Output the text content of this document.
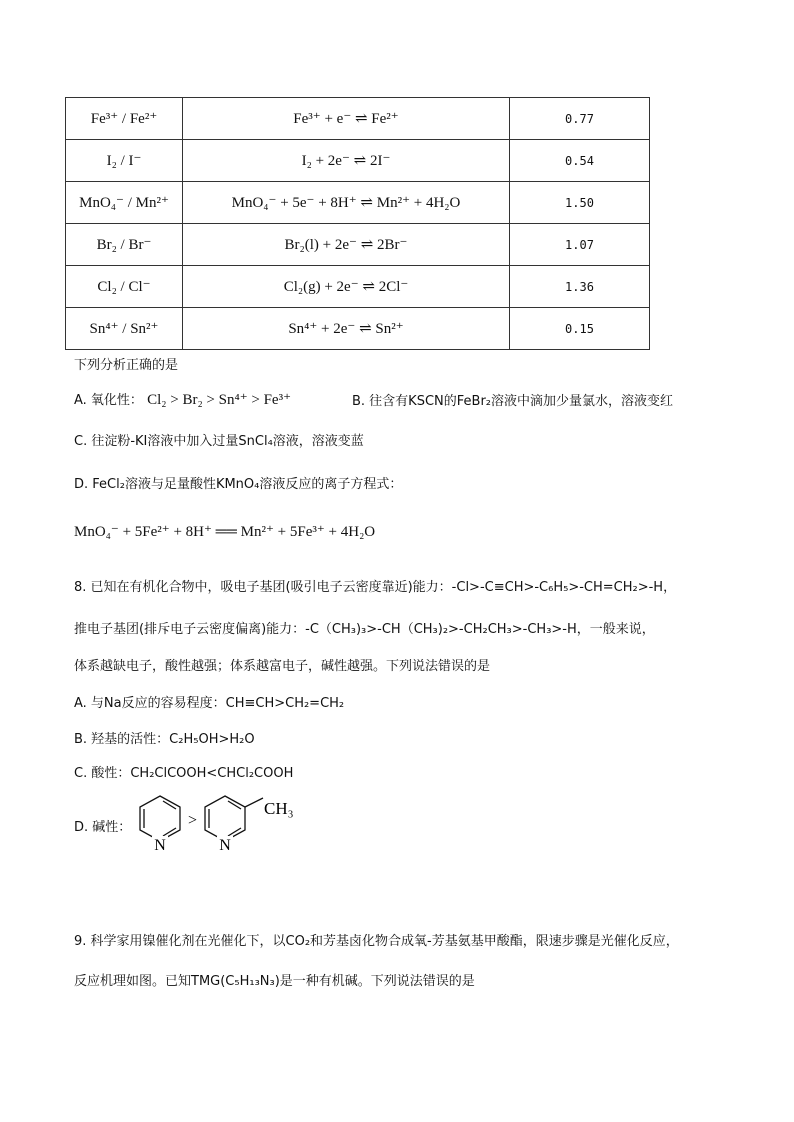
Fe³⁺ / Fe²⁺	Fe³⁺ + e⁻ ⇌ Fe²⁺	0.77
I₂ / I⁻	I₂ + 2e⁻ ⇌ 2I⁻	0.54
MnO₄⁻ / Mn²⁺	MnO₄⁻ + 5e⁻ + 8H⁺ ⇌ Mn²⁺ + 4H₂O	1.50
Br₂ / Br⁻	Br₂(l) + 2e⁻ ⇌ 2Br⁻	1.07
Cl₂ / Cl⁻	Cl₂(g) + 2e⁻ ⇌ 2Cl⁻	1.36
Sn⁴⁺ / Sn²⁺	Sn⁴⁺ + 2e⁻ ⇌ Sn²⁺	0.15
下列分析正确的是
A. 氧化性： Cl₂ > Br₂ > Sn⁴⁺ > Fe³⁺	B. 往含有KSCN的FeBr₂溶液中滴加少量氯水，溶液变红
C. 往淀粉-KI溶液中加入过量SnCl₄溶液，溶液变蓝
D. FeCl₂溶液与足量酸性KMnO₄溶液反应的离子方程式：
MnO₄⁻ + 5Fe²⁺ + 8H⁺ ══ Mn²⁺ + 5Fe³⁺ + 4H₂O
8. 已知在有机化合物中，吸电子基团(吸引电子云密度靠近)能力：-Cl>-C≡CH>-C₆H₅>-CH=CH₂>-H，
推电子基团(排斥电子云密度偏离)能力：-C（CH₃)₃>-CH（CH₃)₂>-CH₂CH₃>-CH₃>-H，一般来说，
体系越缺电子，酸性越强；体系越富电子，碱性越强。下列说法错误的是
A. 与Na反应的容易程度：CH≡CH>CH₂=CH₂
B. 羟基的活性：C₂H₅OH>H₂O
C. 酸性：CH₂ClCOOH<CHCl₂COOH
D. 碱性：
N
>
N
CH₃
9. 科学家用镍催化剂在光催化下，以CO₂和芳基卤化物合成氧-芳基氨基甲酸酯，限速步骤是光催化反应，
反应机理如图。已知TMG(C₅H₁₃N₃)是一种有机碱。下列说法错误的是
